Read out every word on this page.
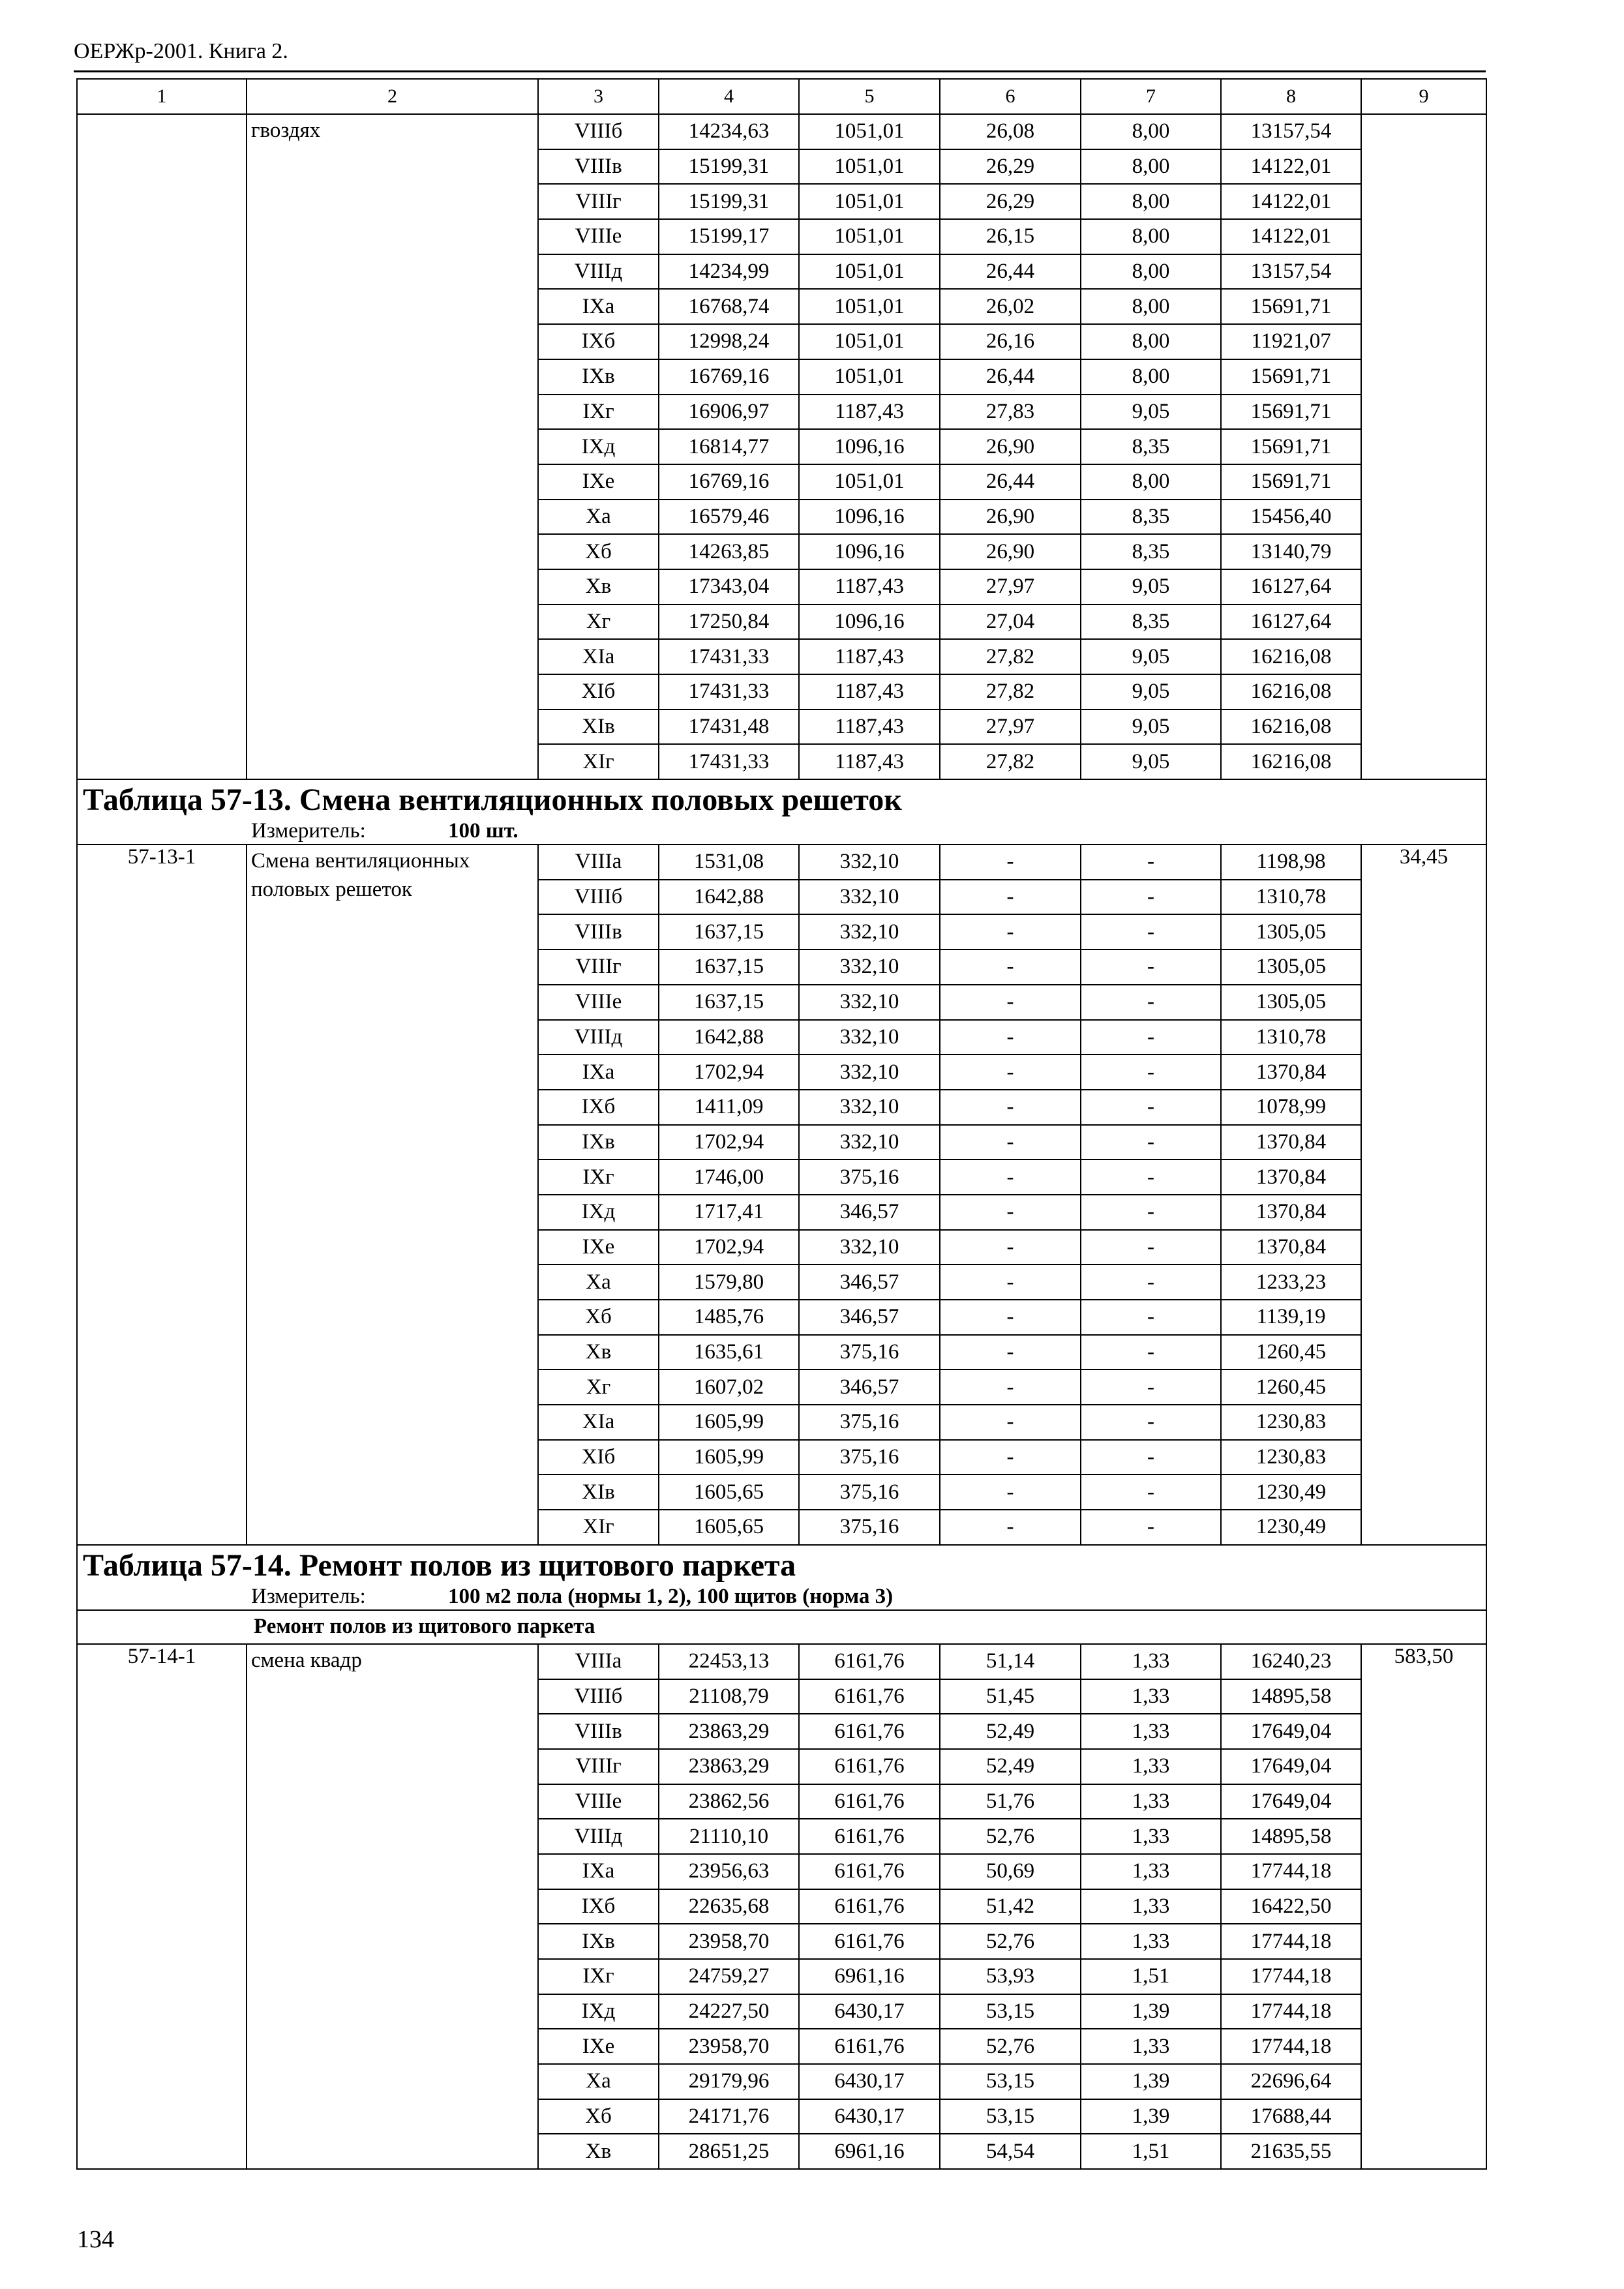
ОЕРЖр-2001. Книга 2.
1	2	3	4	5	6	7	8	9
	гвоздях	VIIIб	14234,63	1051,01	26,08	8,00	13157,54	
		VIIIв	15199,31	1051,01	26,29	8,00	14122,01	
		VIIIг	15199,31	1051,01	26,29	8,00	14122,01	
		VIIIе	15199,17	1051,01	26,15	8,00	14122,01	
		VIIIд	14234,99	1051,01	26,44	8,00	13157,54	
		IXа	16768,74	1051,01	26,02	8,00	15691,71	
		IXб	12998,24	1051,01	26,16	8,00	11921,07	
		IXв	16769,16	1051,01	26,44	8,00	15691,71	
		IXг	16906,97	1187,43	27,83	9,05	15691,71	
		IXд	16814,77	1096,16	26,90	8,35	15691,71	
		IXе	16769,16	1051,01	26,44	8,00	15691,71	
		Xа	16579,46	1096,16	26,90	8,35	15456,40	
		Xб	14263,85	1096,16	26,90	8,35	13140,79	
		Xв	17343,04	1187,43	27,97	9,05	16127,64	
		Xг	17250,84	1096,16	27,04	8,35	16127,64	
		XIа	17431,33	1187,43	27,82	9,05	16216,08	
		XIб	17431,33	1187,43	27,82	9,05	16216,08	
		XIв	17431,48	1187,43	27,97	9,05	16216,08	
		XIг	17431,33	1187,43	27,82	9,05	16216,08	

Таблица 57-13. Смена вентиляционных половых решеток
Измеритель: 100 шт.								

57-13-1	Смена вентиляционных половых решеток	VIIIа	1531,08	332,10	-	-	1198,98	34,45
		VIIIб	1642,88	332,10	-	-	1310,78	
		VIIIв	1637,15	332,10	-	-	1305,05	
		VIIIг	1637,15	332,10	-	-	1305,05	
		VIIIе	1637,15	332,10	-	-	1305,05	
		VIIIд	1642,88	332,10	-	-	1310,78	
		IXа	1702,94	332,10	-	-	1370,84	
		IXб	1411,09	332,10	-	-	1078,99	
		IXв	1702,94	332,10	-	-	1370,84	
		IXг	1746,00	375,16	-	-	1370,84	
		IXд	1717,41	346,57	-	-	1370,84	
		IXе	1702,94	332,10	-	-	1370,84	
		Xа	1579,80	346,57	-	-	1233,23	
		Xб	1485,76	346,57	-	-	1139,19	
		Xв	1635,61	375,16	-	-	1260,45	
		Xг	1607,02	346,57	-	-	1260,45	
		XIа	1605,99	375,16	-	-	1230,83	
		XIб	1605,99	375,16	-	-	1230,83	
		XIв	1605,65	375,16	-	-	1230,49	
		XIг	1605,65	375,16	-	-	1230,49	

Таблица 57-14. Ремонт полов из щитового паркета
Измеритель: 100 м2 пола (нормы 1, 2), 100 щитов (норма 3)								

Ремонт полов из щитового паркета								
57-14-1	смена квадр	VIIIа	22453,13	6161,76	51,14	1,33	16240,23	583,50
		VIIIб	21108,79	6161,76	51,45	1,33	14895,58	
		VIIIв	23863,29	6161,76	52,49	1,33	17649,04	
		VIIIг	23863,29	6161,76	52,49	1,33	17649,04	
		VIIIе	23862,56	6161,76	51,76	1,33	17649,04	
		VIIIд	21110,10	6161,76	52,76	1,33	14895,58	
		IXа	23956,63	6161,76	50,69	1,33	17744,18	
		IXб	22635,68	6161,76	51,42	1,33	16422,50	
		IXв	23958,70	6161,76	52,76	1,33	17744,18	
		IXг	24759,27	6961,16	53,93	1,51	17744,18	
		IXд	24227,50	6430,17	53,15	1,39	17744,18	
		IXе	23958,70	6161,76	52,76	1,33	17744,18	
		Xа	29179,96	6430,17	53,15	1,39	22696,64	
		Xб	24171,76	6430,17	53,15	1,39	17688,44	
		Xв	28651,25	6961,16	54,54	1,51	21635,55	
134
